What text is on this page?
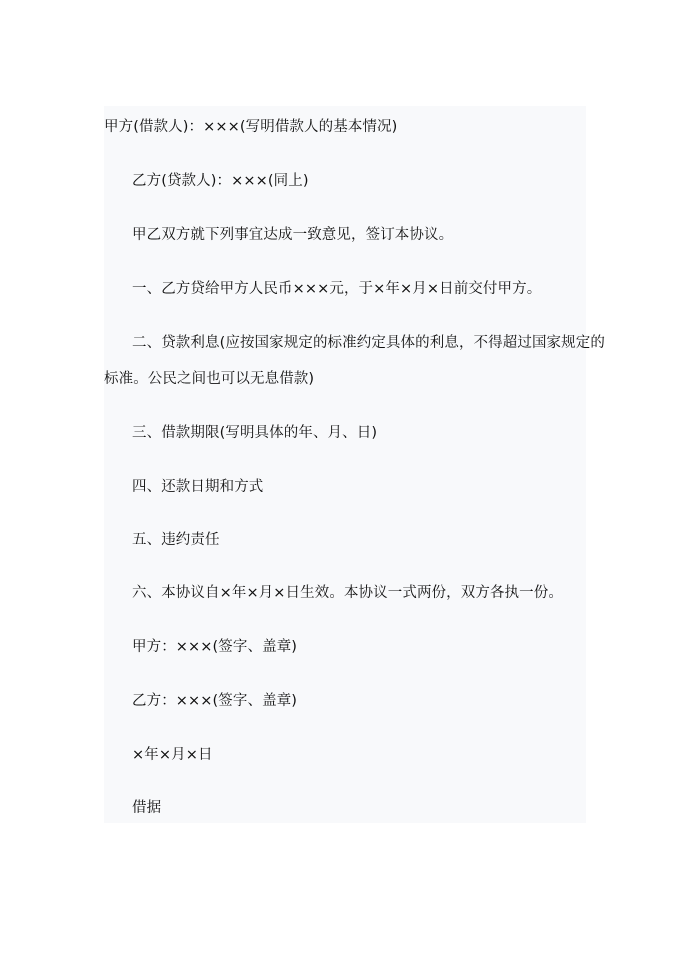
甲方(借款人)：×××(写明借款人的基本情况)
乙方(贷款人)：×××(同上)
甲乙双方就下列事宜达成一致意见，签订本协议。
一、乙方贷给甲方人民币×××元，于×年×月×日前交付甲方。
二、贷款利息(应按国家规定的标准约定具体的利息，不得超过国家规定的
标准。公民之间也可以无息借款)
三、借款期限(写明具体的年、月、日)
四、还款日期和方式
五、违约责任
六、本协议自×年×月×日生效。本协议一式两份，双方各执一份。
甲方：×××(签字、盖章)
乙方：×××(签字、盖章)
×年×月×日
借据
